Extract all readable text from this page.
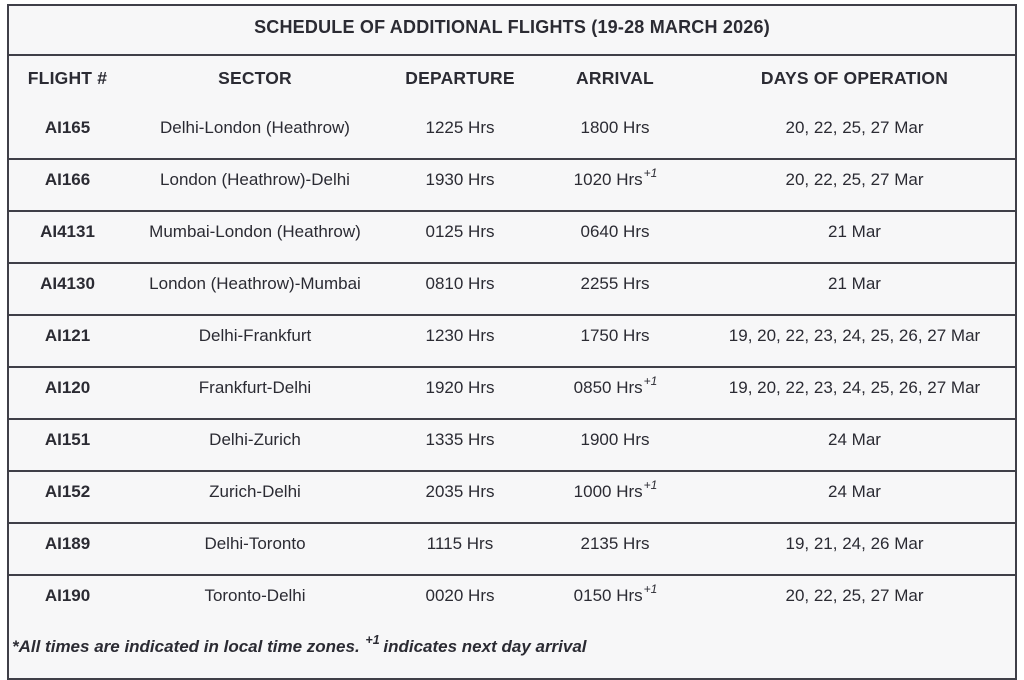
SCHEDULE OF ADDITIONAL FLIGHTS (19-28 MARCH 2026)				
FLIGHT #	SECTOR	DEPARTURE	ARRIVAL	DAYS OF OPERATION
AI165	Delhi-London (Heathrow)	1225 Hrs	1800 Hrs	20, 22, 25, 27 Mar
AI166	London (Heathrow)-Delhi	1930 Hrs	1020 Hrs$^{+1}$	20, 22, 25, 27 Mar
AI4131	Mumbai-London (Heathrow)	0125 Hrs	0640 Hrs	21 Mar
AI4130	London (Heathrow)-Mumbai	0810 Hrs	2255 Hrs	21 Mar
AI121	Delhi-Frankfurt	1230 Hrs	1750 Hrs	19, 20, 22, 23, 24, 25, 26, 27 Mar
AI120	Frankfurt-Delhi	1920 Hrs	0850 Hrs$^{+1}$	19, 20, 22, 23, 24, 25, 26, 27 Mar
AI151	Delhi-Zurich	1335 Hrs	1900 Hrs	24 Mar
AI152	Zurich-Delhi	2035 Hrs	1000 Hrs$^{+1}$	24 Mar
AI189	Delhi-Toronto	1115 Hrs	2135 Hrs	19, 21, 24, 26 Mar
AI190	Toronto-Delhi	0020 Hrs	0150 Hrs$^{+1}$	20, 22, 25, 27 Mar
*All times are indicated in local time zones. $^{+1}$ indicates next day arrival				
